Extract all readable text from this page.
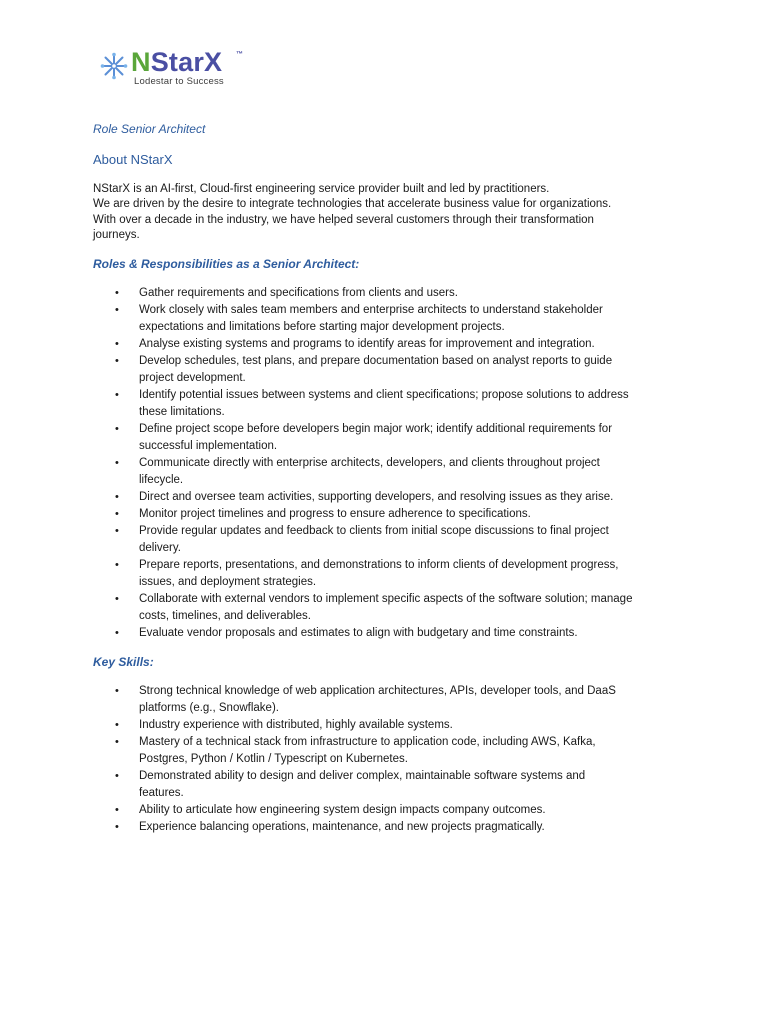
NStarX ™
Lodestar to Success

Role Senior Architect

About NStarX

NStarX is an AI-first, Cloud-first engineering service provider built and led by practitioners.
We are driven by the desire to integrate technologies that accelerate business value for organizations. With over a decade in the industry, we have helped several customers through their transformation journeys.

Roles & Responsibilities as a Senior Architect:

• Gather requirements and specifications from clients and users.
• Work closely with sales team members and enterprise architects to understand stakeholder expectations and limitations before starting major development projects.
• Analyse existing systems and programs to identify areas for improvement and integration.
• Develop schedules, test plans, and prepare documentation based on analyst reports to guide project development.
• Identify potential issues between systems and client specifications; propose solutions to address these limitations.
• Define project scope before developers begin major work; identify additional requirements for successful implementation.
• Communicate directly with enterprise architects, developers, and clients throughout project lifecycle.
• Direct and oversee team activities, supporting developers, and resolving issues as they arise.
• Monitor project timelines and progress to ensure adherence to specifications.
• Provide regular updates and feedback to clients from initial scope discussions to final project delivery.
• Prepare reports, presentations, and demonstrations to inform clients of development progress, issues, and deployment strategies.
• Collaborate with external vendors to implement specific aspects of the software solution; manage costs, timelines, and deliverables.
• Evaluate vendor proposals and estimates to align with budgetary and time constraints.

Key Skills:

• Strong technical knowledge of web application architectures, APIs, developer tools, and DaaS platforms (e.g., Snowflake).
• Industry experience with distributed, highly available systems.
• Mastery of a technical stack from infrastructure to application code, including AWS, Kafka, Postgres, Python / Kotlin / Typescript on Kubernetes.
• Demonstrated ability to design and deliver complex, maintainable software systems and features.
• Ability to articulate how engineering system design impacts company outcomes.
• Experience balancing operations, maintenance, and new projects pragmatically.
